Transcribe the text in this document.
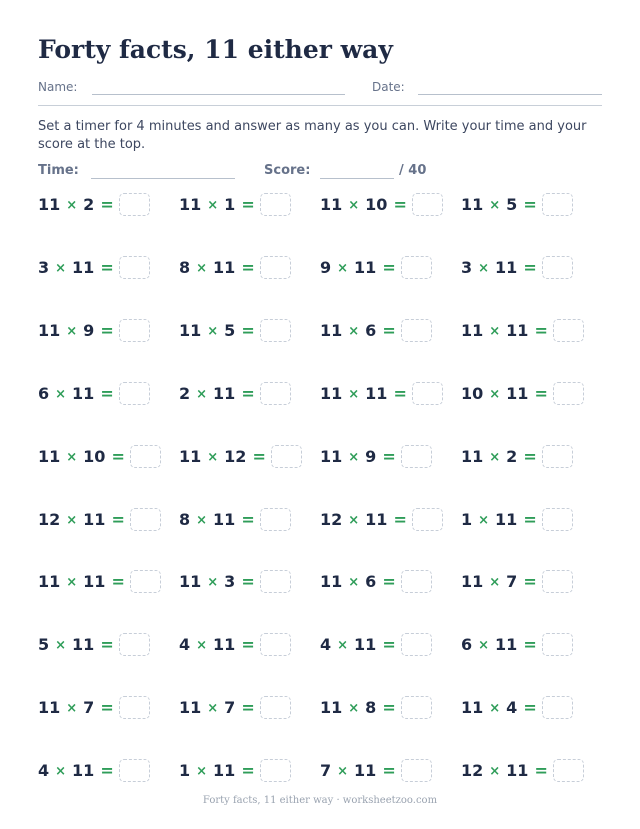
Forty facts, 11 either way
Name:	Date:
Set a timer for 4 minutes and answer as many as you can. Write your time and your score at the top.
Time:	Score:	/ 40
11 × 2 =	11 × 1 =	11 × 10 =	11 × 5 =
3 × 11 =	8 × 11 =	9 × 11 =	3 × 11 =
11 × 9 =	11 × 5 =	11 × 6 =	11 × 11 =
6 × 11 =	2 × 11 =	11 × 11 =	10 × 11 =
11 × 10 =	11 × 12 =	11 × 9 =	11 × 2 =
12 × 11 =	8 × 11 =	12 × 11 =	1 × 11 =
11 × 11 =	11 × 3 =	11 × 6 =	11 × 7 =
5 × 11 =	4 × 11 =	4 × 11 =	6 × 11 =
11 × 7 =	11 × 7 =	11 × 8 =	11 × 4 =
4 × 11 =	1 × 11 =	7 × 11 =	12 × 11 =
Forty facts, 11 either way · worksheetzoo.com
